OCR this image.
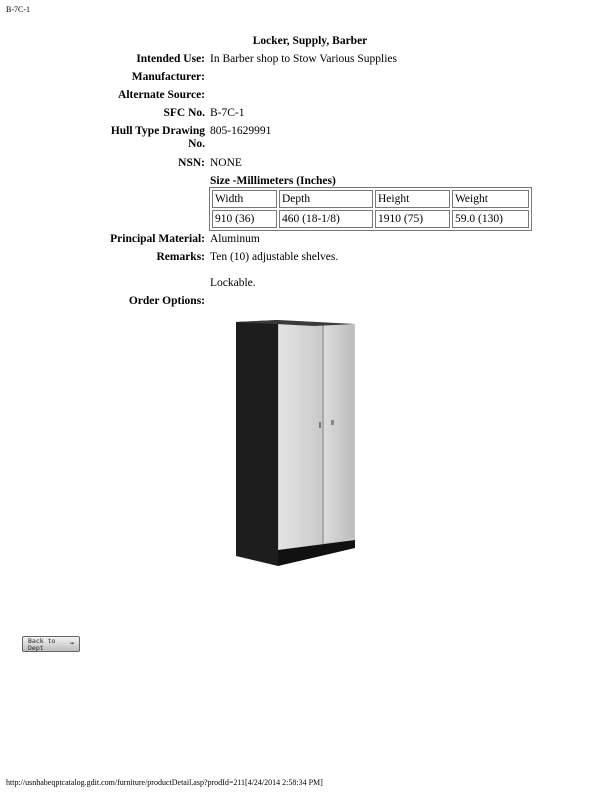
B-7C-1
Locker, Supply, Barber
Intended Use: In Barber shop to Stow Various Supplies
Manufacturer:
Alternate Source:
SFC No. B-7C-1
Hull Type Drawing
No.
805-1629991
NSN: NONE
Size -Millimeters (Inches)
Width	Depth	Height	Weight
910 (36)	460 (18-1/8)	1910 (75)	59.0 (130)
Principal Material: Aluminum
Remarks: Ten (10) adjustable shelves.
Lockable.
Order Options:
Back to
Dept
→
http://usnhabeqptcatalog.gdit.com/furniture/productDetail.asp?prodId=211[4/24/2014 2:58:34 PM]
